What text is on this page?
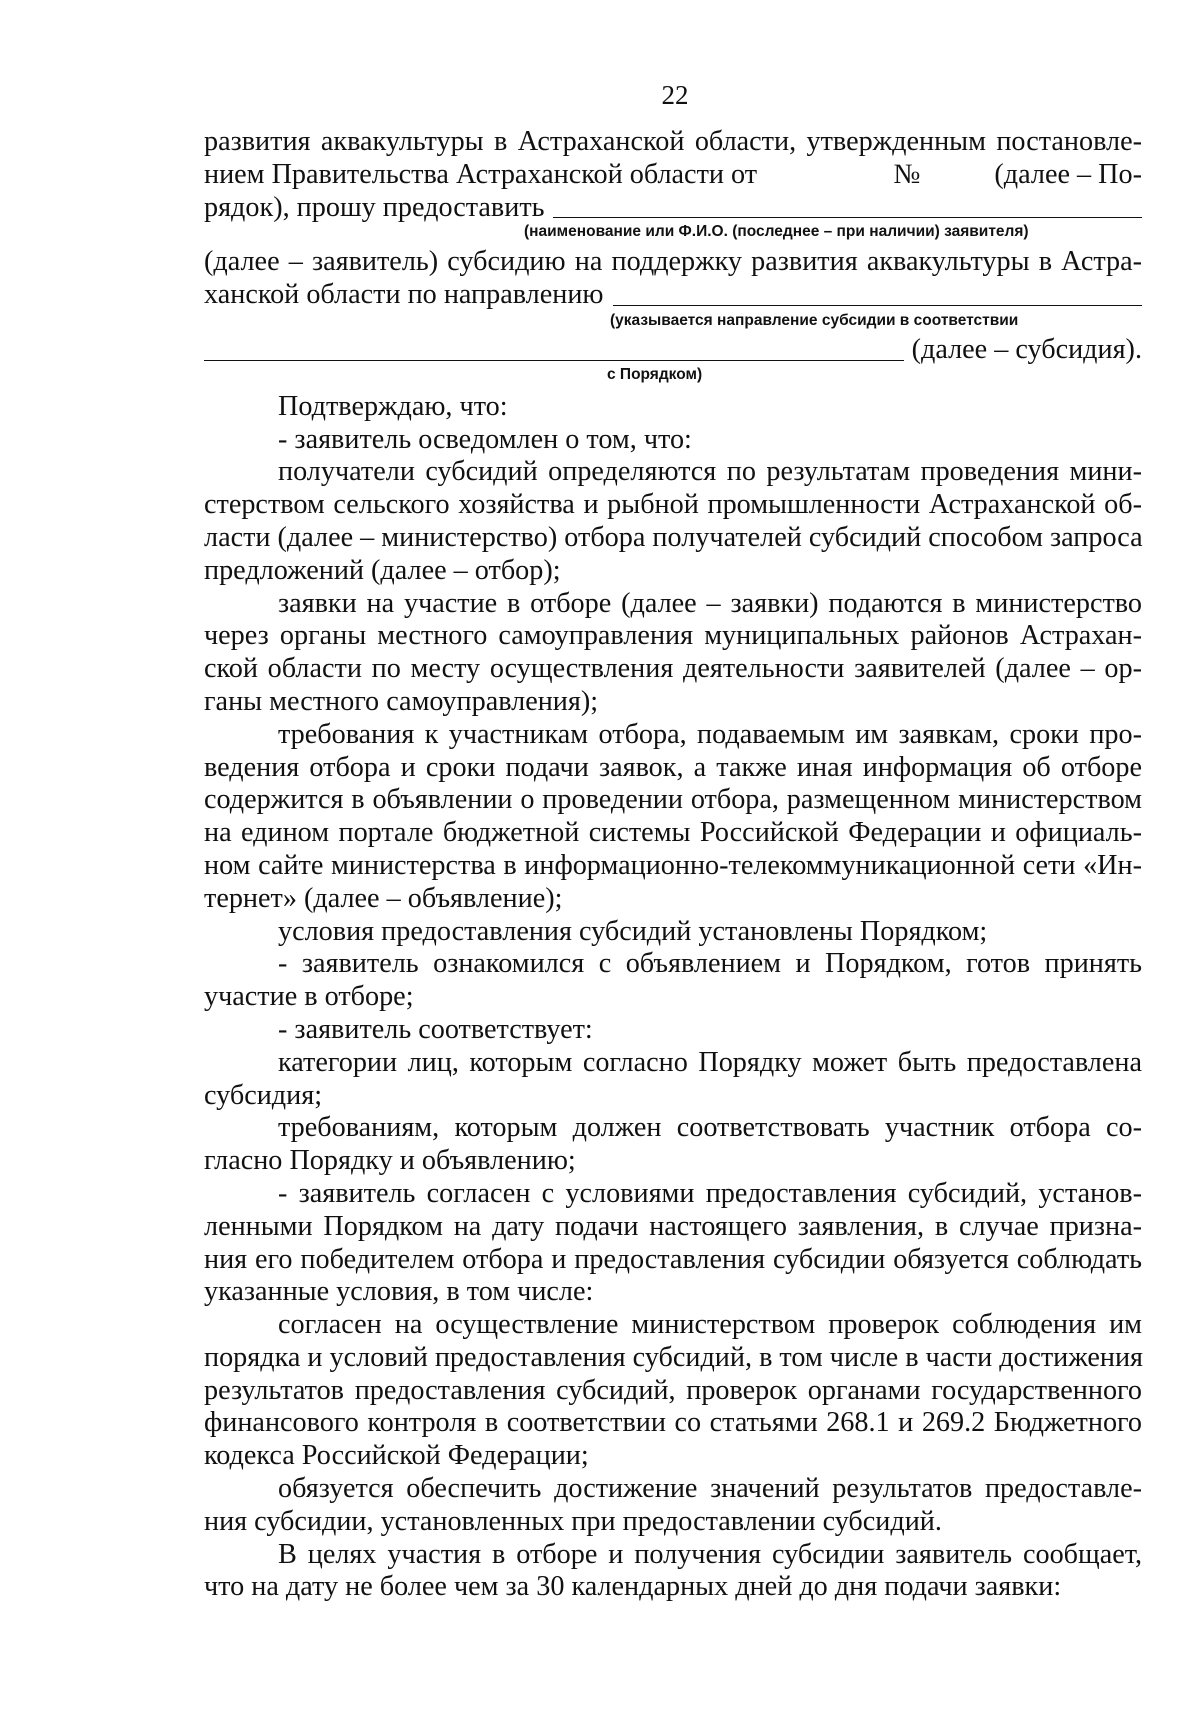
22
развития аквакультуры в Астраханской области, утвержденным постановле-
нием Правительства Астраханской области от	№	(далее – По-
рядок), прошу предоставить
(наименование или Ф.И.О. (последнее – при наличии) заявителя)
(далее – заявитель) субсидию на поддержку развития аквакультуры в Астра-
ханской области по направлению
(указывается направление субсидии в соответствии
(далее – субсидия).
с Порядком)
Подтверждаю, что:
- заявитель осведомлен о том, что:
получатели субсидий определяются по результатам проведения мини-
стерством сельского хозяйства и рыбной промышленности Астраханской об-
ласти (далее – министерство) отбора получателей субсидий способом запроса
предложений (далее – отбор);
заявки на участие в отборе (далее – заявки) подаются в министерство
через органы местного самоуправления муниципальных районов Астрахан-
ской области по месту осуществления деятельности заявителей (далее – ор-
ганы местного самоуправления);
требования к участникам отбора, подаваемым им заявкам, сроки про-
ведения отбора и сроки подачи заявок, а также иная информация об отборе
содержится в объявлении о проведении отбора, размещенном министерством
на едином портале бюджетной системы Российской Федерации и официаль-
ном сайте министерства в информационно-телекоммуникационной сети «Ин-
тернет» (далее – объявление);
условия предоставления субсидий установлены Порядком;
- заявитель ознакомился с объявлением и Порядком, готов принять
участие в отборе;
- заявитель соответствует:
категории лиц, которым согласно Порядку может быть предоставлена
субсидия;
требованиям, которым должен соответствовать участник отбора со-
гласно Порядку и объявлению;
- заявитель согласен с условиями предоставления субсидий, установ-
ленными Порядком на дату подачи настоящего заявления, в случае призна-
ния его победителем отбора и предоставления субсидии обязуется соблюдать
указанные условия, в том числе:
согласен на осуществление министерством проверок соблюдения им
порядка и условий предоставления субсидий, в том числе в части достижения
результатов предоставления субсидий, проверок органами государственного
финансового контроля в соответствии со статьями 268.1 и 269.2 Бюджетного
кодекса Российской Федерации;
обязуется обеспечить достижение значений результатов предоставле-
ния субсидии, установленных при предоставлении субсидий.
В целях участия в отборе и получения субсидии заявитель сообщает,
что на дату не более чем за 30 календарных дней до дня подачи заявки:
